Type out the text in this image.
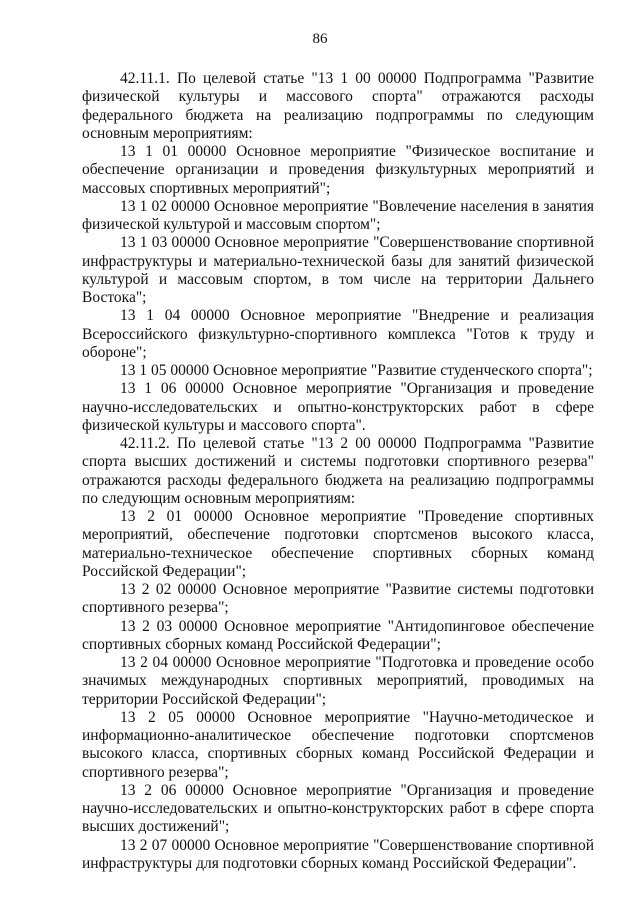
86

42.11.1. По целевой статье "13 1 00 00000 Подпрограмма "Развитие физической культуры и массового спорта" отражаются расходы федерального бюджета на реализацию подпрограммы по следующим основным мероприятиям:

13 1 01 00000 Основное мероприятие "Физическое воспитание и обеспечение организации и проведения физкультурных мероприятий и массовых спортивных мероприятий";

13 1 02 00000 Основное мероприятие "Вовлечение населения в занятия физической культурой и массовым спортом";

13 1 03 00000 Основное мероприятие "Совершенствование спортивной инфраструктуры и материально-технической базы для занятий физической культурой и массовым спортом, в том числе на территории Дальнего Востока";

13 1 04 00000 Основное мероприятие "Внедрение и реализация Всероссийского физкультурно-спортивного комплекса "Готов к труду и обороне";

13 1 05 00000 Основное мероприятие "Развитие студенческого спорта";

13 1 06 00000 Основное мероприятие "Организация и проведение научно-исследовательских и опытно-конструкторских работ в сфере физической культуры и массового спорта".

42.11.2. По целевой статье "13 2 00 00000 Подпрограмма "Развитие спорта высших достижений и системы подготовки спортивного резерва" отражаются расходы федерального бюджета на реализацию подпрограммы по следующим основным мероприятиям:

13 2 01 00000 Основное мероприятие "Проведение спортивных мероприятий, обеспечение подготовки спортсменов высокого класса, материально-техническое обеспечение спортивных сборных команд Российской Федерации";

13 2 02 00000 Основное мероприятие "Развитие системы подготовки спортивного резерва";

13 2 03 00000 Основное мероприятие "Антидопинговое обеспечение спортивных сборных команд Российской Федерации";

13 2 04 00000 Основное мероприятие "Подготовка и проведение особо значимых международных спортивных мероприятий, проводимых на территории Российской Федерации";

13 2 05 00000 Основное мероприятие "Научно-методическое и информационно-аналитическое обеспечение подготовки спортсменов высокого класса, спортивных сборных команд Российской Федерации и спортивного резерва";

13 2 06 00000 Основное мероприятие "Организация и проведение научно-исследовательских и опытно-конструкторских работ в сфере спорта высших достижений";

13 2 07 00000 Основное мероприятие "Совершенствование спортивной инфраструктуры для подготовки сборных команд Российской Федерации".
